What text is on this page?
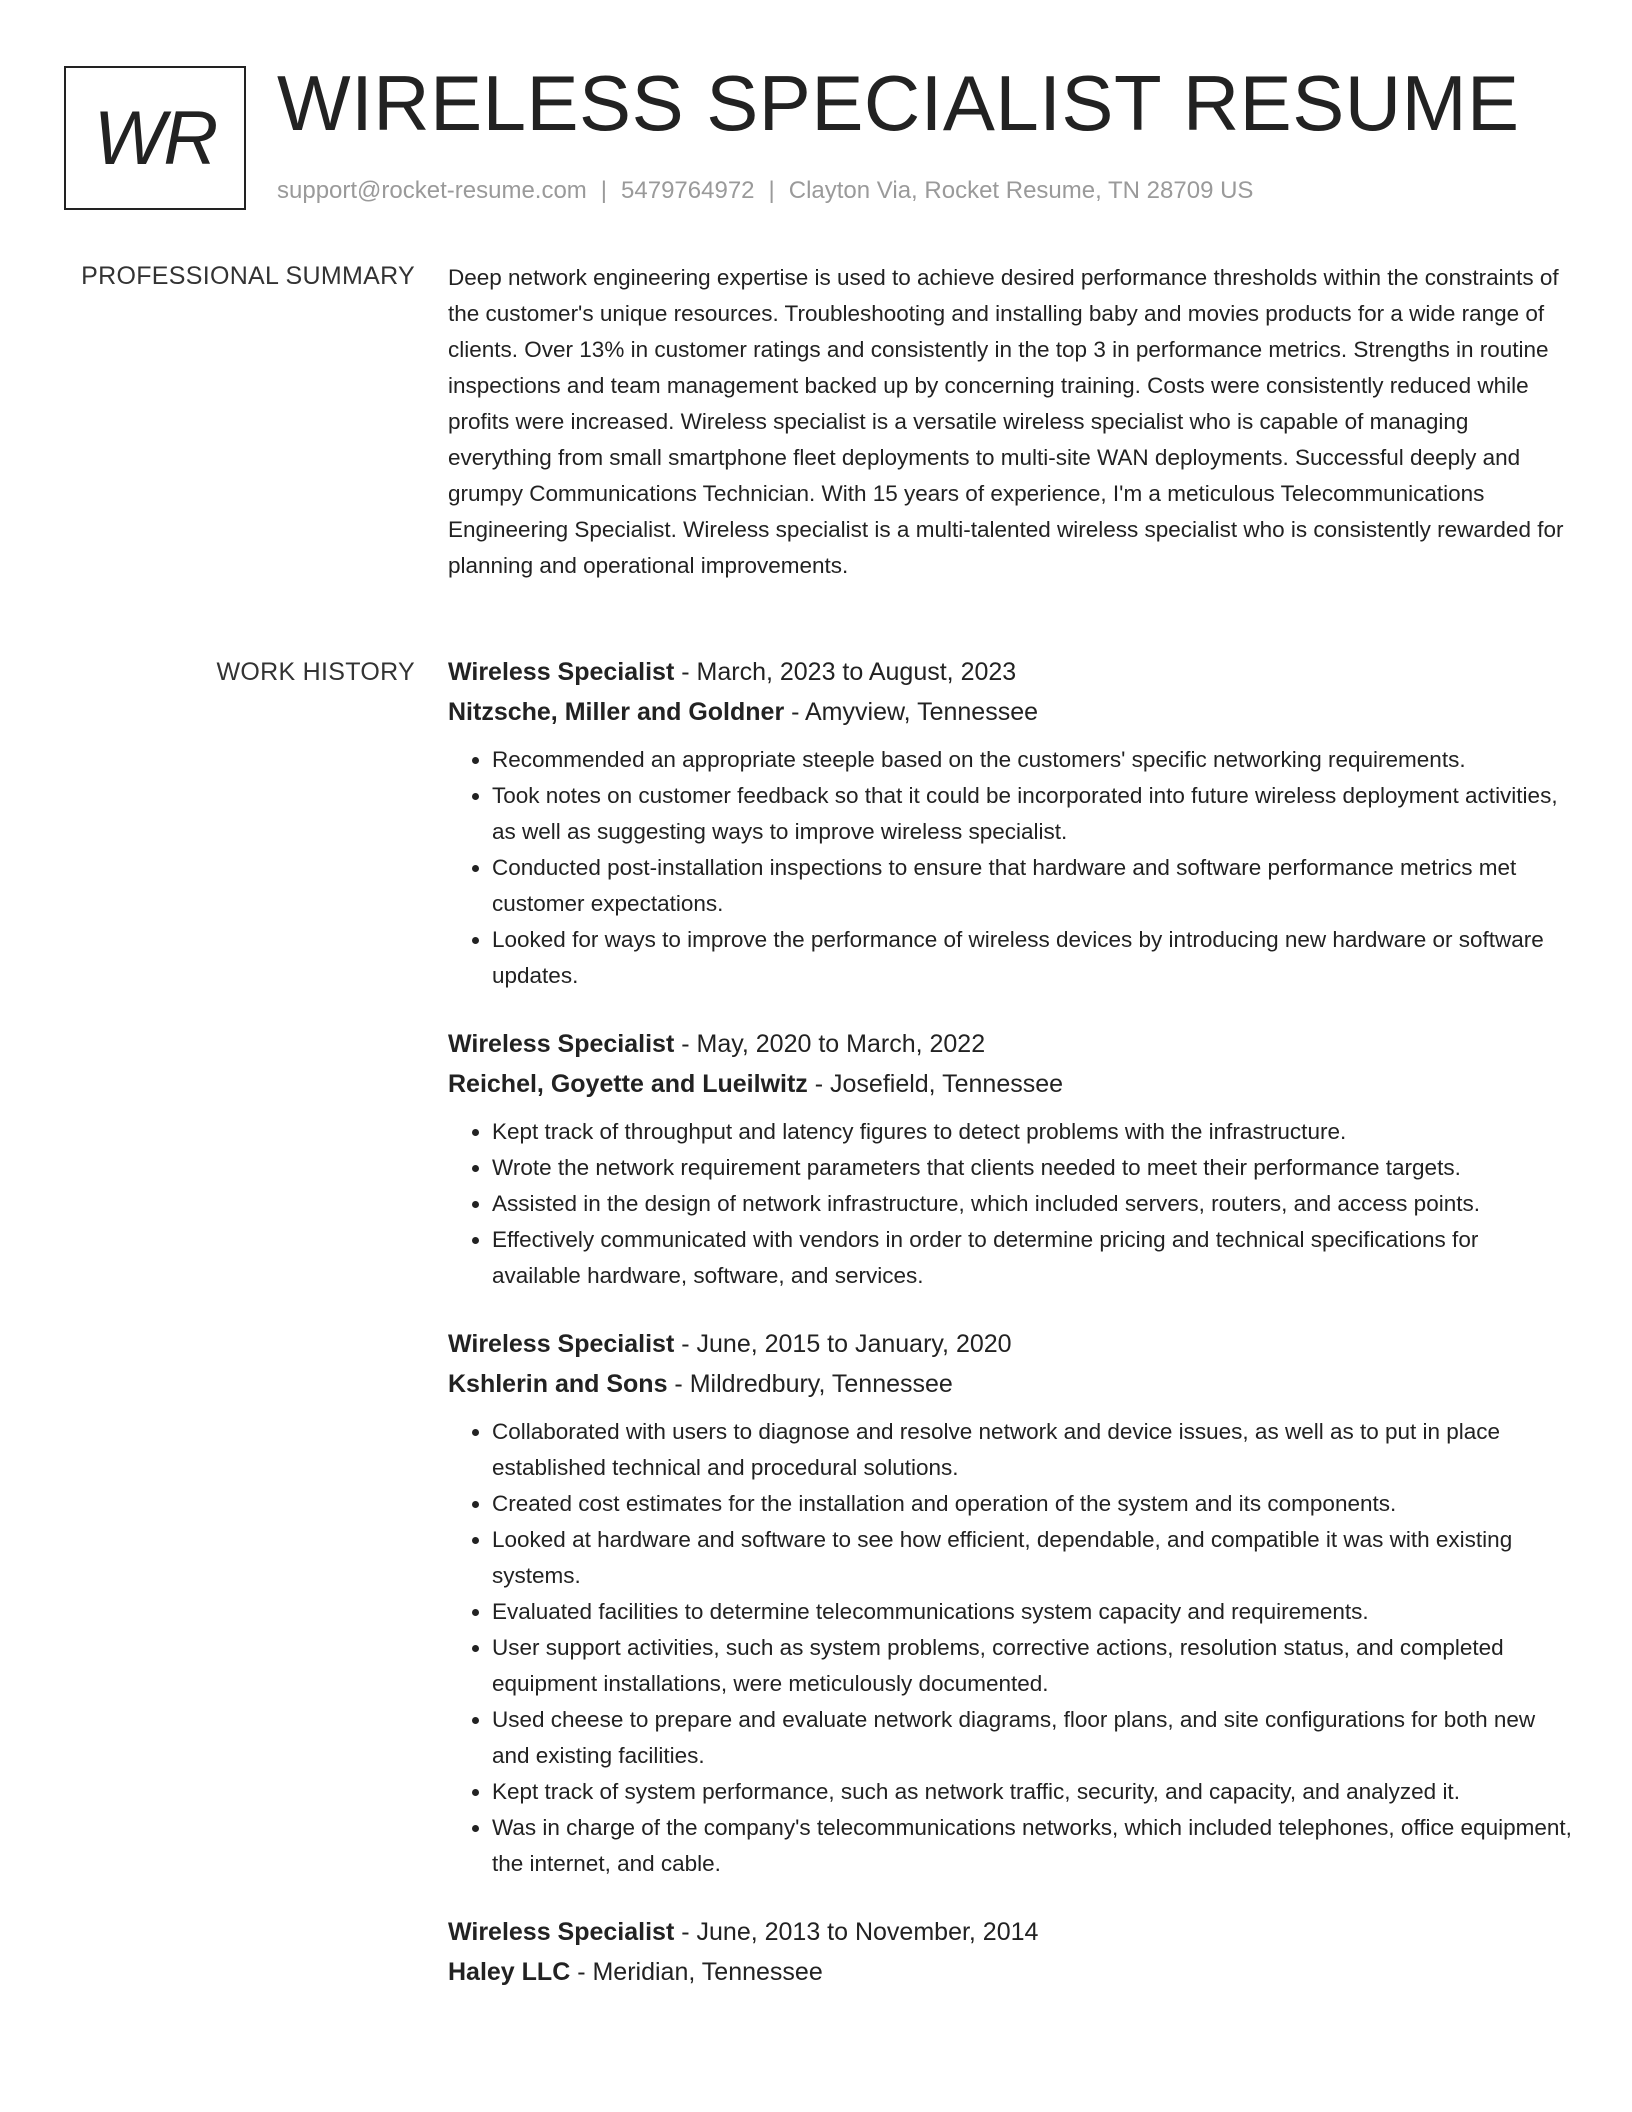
WR WIRELESS SPECIALIST RESUME
support@rocket-resume.com | 5479764972 | Clayton Via, Rocket Resume, TN 28709 US
PROFESSIONAL SUMMARY Deep network engineering expertise is used to achieve desired performance thresholds within the constraints of the customer's unique resources. Troubleshooting and installing baby and movies products for a wide range of clients. Over 13% in customer ratings and consistently in the top 3 in performance metrics. Strengths in routine inspections and team management backed up by concerning training. Costs were consistently reduced while profits were increased. Wireless specialist is a versatile wireless specialist who is capable of managing everything from small smartphone fleet deployments to multi-site WAN deployments. Successful deeply and grumpy Communications Technician. With 15 years of experience, I'm a meticulous Telecommunications Engineering Specialist. Wireless specialist is a multi-talented wireless specialist who is consistently rewarded for planning and operational improvements.
WORK HISTORY Wireless Specialist - March, 2023 to August, 2023
Nitzsche, Miller and Goldner - Amyview, Tennessee
• Recommended an appropriate steeple based on the customers' specific networking requirements.
• Took notes on customer feedback so that it could be incorporated into future wireless deployment activities, as well as suggesting ways to improve wireless specialist.
• Conducted post-installation inspections to ensure that hardware and software performance metrics met customer expectations.
• Looked for ways to improve the performance of wireless devices by introducing new hardware or software updates.
Wireless Specialist - May, 2020 to March, 2022
Reichel, Goyette and Lueilwitz - Josefield, Tennessee
• Kept track of throughput and latency figures to detect problems with the infrastructure.
• Wrote the network requirement parameters that clients needed to meet their performance targets.
• Assisted in the design of network infrastructure, which included servers, routers, and access points.
• Effectively communicated with vendors in order to determine pricing and technical specifications for available hardware, software, and services.
Wireless Specialist - June, 2015 to January, 2020
Kshlerin and Sons - Mildredbury, Tennessee
• Collaborated with users to diagnose and resolve network and device issues, as well as to put in place established technical and procedural solutions.
• Created cost estimates for the installation and operation of the system and its components.
• Looked at hardware and software to see how efficient, dependable, and compatible it was with existing systems.
• Evaluated facilities to determine telecommunications system capacity and requirements.
• User support activities, such as system problems, corrective actions, resolution status, and completed equipment installations, were meticulously documented.
• Used cheese to prepare and evaluate network diagrams, floor plans, and site configurations for both new and existing facilities.
• Kept track of system performance, such as network traffic, security, and capacity, and analyzed it.
• Was in charge of the company's telecommunications networks, which included telephones, office equipment, the internet, and cable.
Wireless Specialist - June, 2013 to November, 2014
Haley LLC - Meridian, Tennessee
